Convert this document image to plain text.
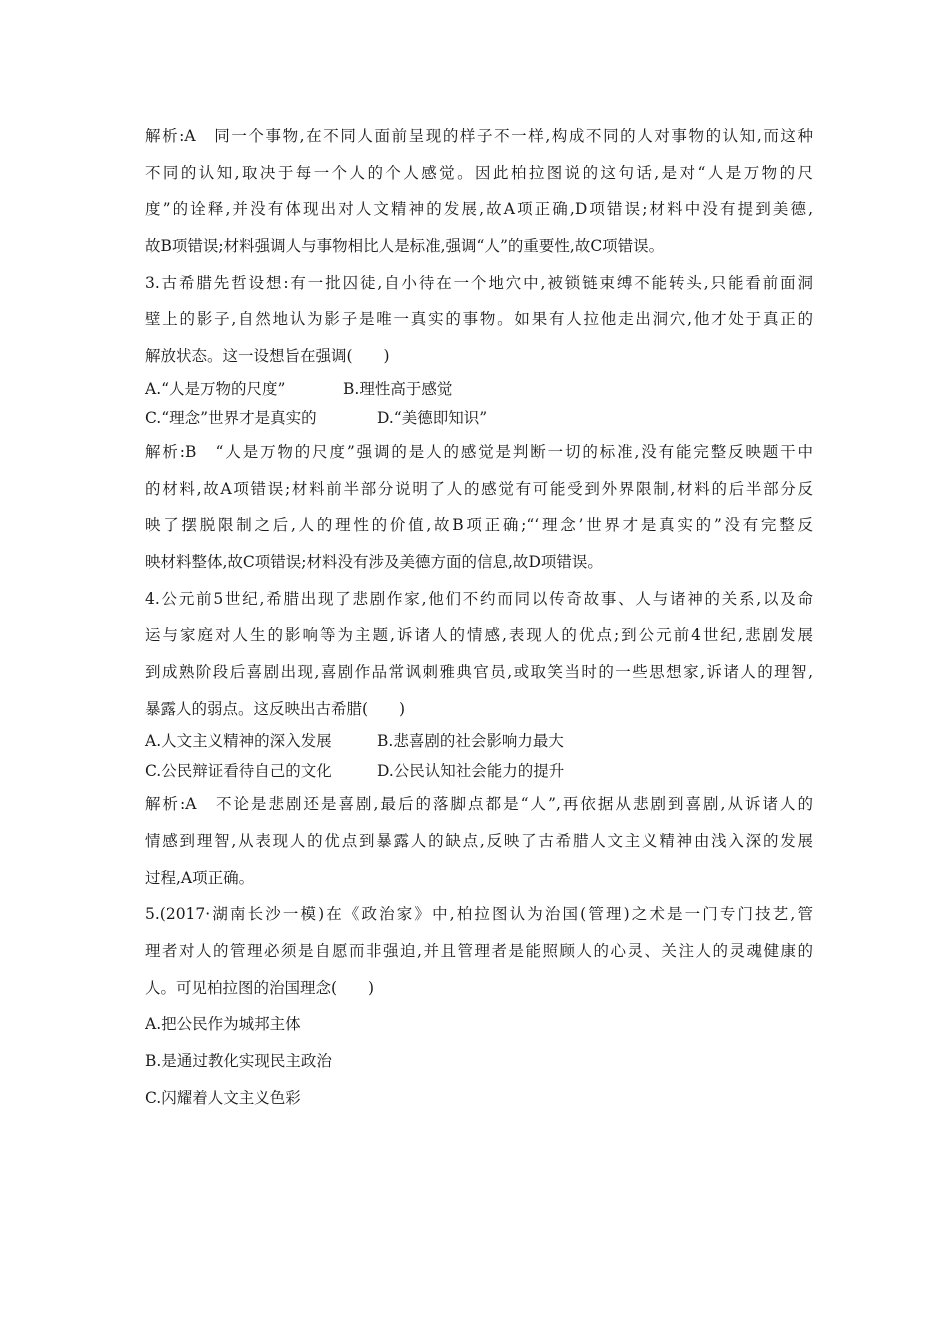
解析:A　同一个事物,在不同人面前呈现的样子不一样,构成不同的人对事物的认知,而这种
不同的认知,取决于每一个人的个人感觉。因此柏拉图说的这句话,是对“人是万物的尺
度”的诠释,并没有体现出对人文精神的发展,故A项正确,D项错误;材料中没有提到美德,
故B项错误;材料强调人与事物相比人是标准,强调“人”的重要性,故C项错误。
3.古希腊先哲设想:有一批囚徒,自小待在一个地穴中,被锁链束缚不能转头,只能看前面洞
壁上的影子,自然地认为影子是唯一真实的事物。如果有人拉他走出洞穴,他才处于真正的
解放状态。这一设想旨在强调(　　)
A.“人是万物的尺度”	B.理性高于感觉
C.“理念”世界才是真实的	D.“美德即知识”
解析:B　“人是万物的尺度”强调的是人的感觉是判断一切的标准,没有能完整反映题干中
的材料,故A项错误;材料前半部分说明了人的感觉有可能受到外界限制,材料的后半部分反
映了摆脱限制之后,人的理性的价值,故B项正确;“‘理念’世界才是真实的”没有完整反
映材料整体,故C项错误;材料没有涉及美德方面的信息,故D项错误。
4.公元前5世纪,希腊出现了悲剧作家,他们不约而同以传奇故事、人与诸神的关系,以及命
运与家庭对人生的影响等为主题,诉诸人的情感,表现人的优点;到公元前4世纪,悲剧发展
到成熟阶段后喜剧出现,喜剧作品常讽刺雅典官员,或取笑当时的一些思想家,诉诸人的理智,
暴露人的弱点。这反映出古希腊(　　)
A.人文主义精神的深入发展	B.悲喜剧的社会影响力最大
C.公民辩证看待自己的文化	D.公民认知社会能力的提升
解析:A　不论是悲剧还是喜剧,最后的落脚点都是“人”,再依据从悲剧到喜剧,从诉诸人的
情感到理智,从表现人的优点到暴露人的缺点,反映了古希腊人文主义精神由浅入深的发展
过程,A项正确。
5.(2017·湖南长沙一模)在《政治家》中,柏拉图认为治国(管理)之术是一门专门技艺,管
理者对人的管理必须是自愿而非强迫,并且管理者是能照顾人的心灵、关注人的灵魂健康的
人。可见柏拉图的治国理念(　　)
A.把公民作为城邦主体
B.是通过教化实现民主政治
C.闪耀着人文主义色彩
